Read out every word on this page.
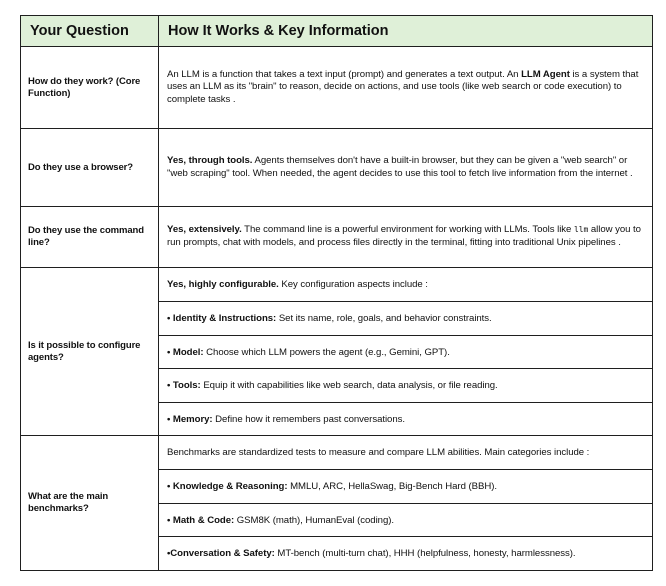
Your Question	How It Works & Key Information
How do they work? (Core Function)	An LLM is a function that takes a text input (prompt) and generates a text output. An LLM Agent is a system that uses an LLM as its "brain" to reason, decide on actions, and use tools (like web search or code execution) to complete tasks .
Do they use a browser?	Yes, through tools. Agents themselves don't have a built-in browser, but they can be given a "web search" or "web scraping" tool. When needed, the agent decides to use this tool to fetch live information from the internet .
Do they use the command line?	Yes, extensively. The command line is a powerful environment for working with LLMs. Tools like llm allow you to run prompts, chat with models, and process files directly in the terminal, fitting into traditional Unix pipelines .
Is it possible to configure agents?	Yes, highly configurable. Key configuration aspects include :
	• Identity & Instructions: Set its name, role, goals, and behavior constraints.
	• Model: Choose which LLM powers the agent (e.g., Gemini, GPT).
	• Tools: Equip it with capabilities like web search, data analysis, or file reading.
	• Memory: Define how it remembers past conversations.
What are the main benchmarks?	Benchmarks are standardized tests to measure and compare LLM abilities. Main categories include :
	• Knowledge & Reasoning: MMLU, ARC, HellaSwag, Big-Bench Hard (BBH).
	• Math & Code: GSM8K (math), HumanEval (coding).
	•Conversation & Safety: MT-bench (multi-turn chat), HHH (helpfulness, honesty, harmlessness).
